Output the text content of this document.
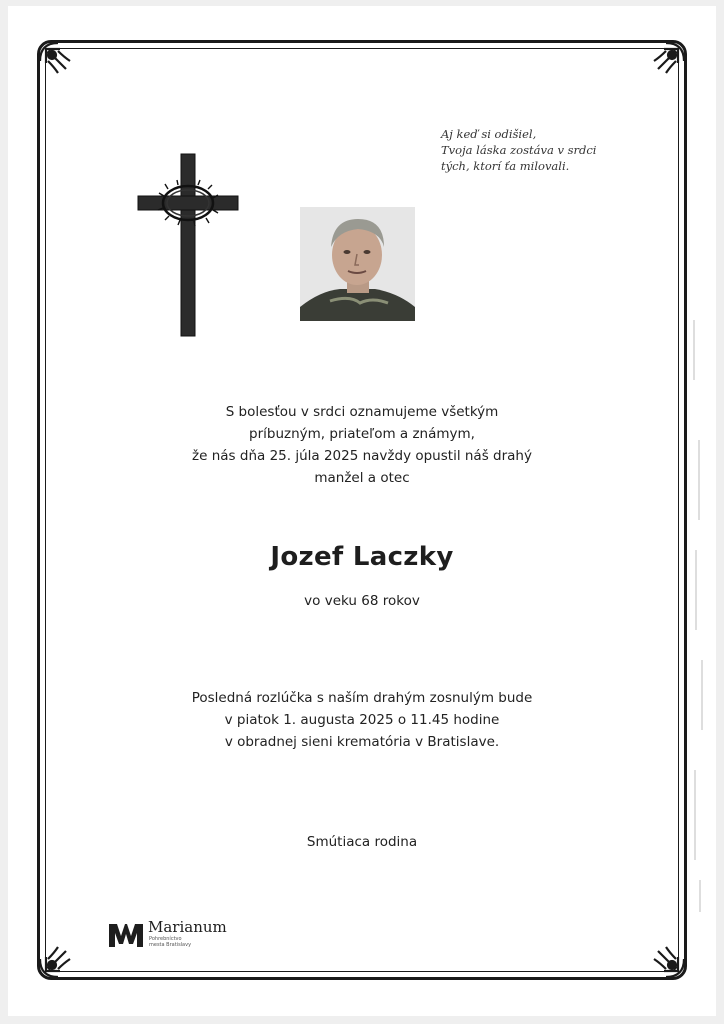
Aj keď si odišiel,
Tvoja láska zostáva v srdci
tých, ktorí ťa milovali.
S bolesťou v srdci oznamujeme všetkým
príbuzným, priateľom a známym,
že nás dňa 25. júla 2025 navždy opustil náš drahý
manžel a otec
Jozef Laczky
vo veku 68 rokov
Posledná rozlúčka s naším drahým zosnulým bude
v piatok 1. augusta 2025 o 11.45 hodine
v obradnej sieni krematória v Bratislave.
Smútiaca rodina
Marianum
Pohrebníctvo
mesta Bratislavy
